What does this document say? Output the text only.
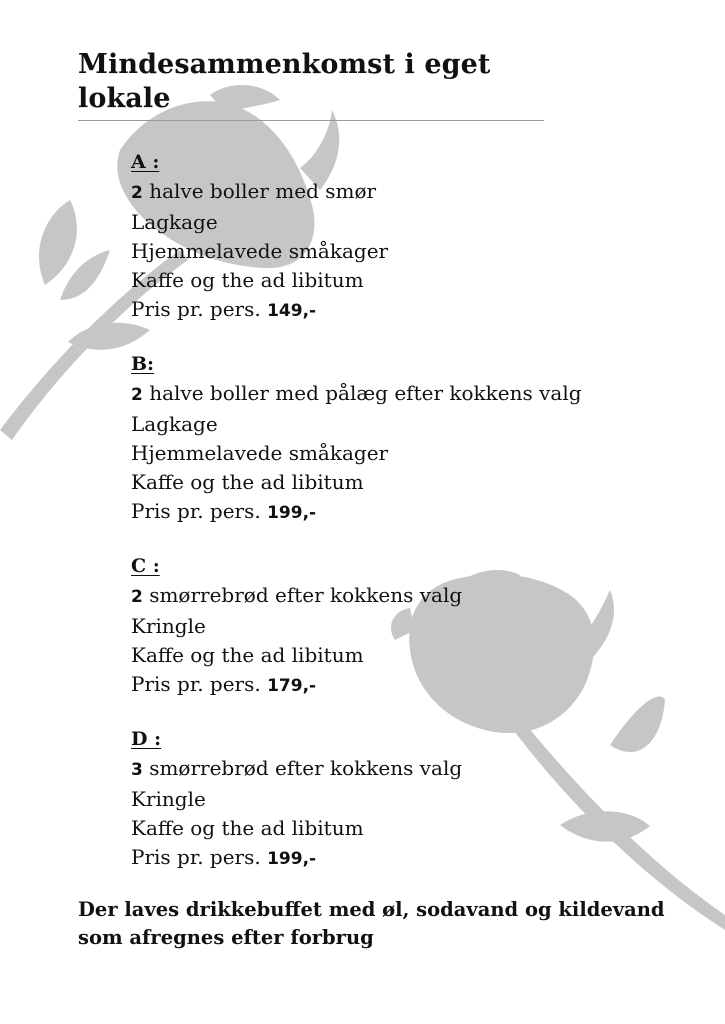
Mindesammenkomst i eget lokale
A :
2 halve boller med smør
Lagkage
Hjemmelavede småkager
Kaffe og the ad libitum
Pris pr. pers. 149,-
B:
2 halve boller med pålæg efter kokkens valg
Lagkage
Hjemmelavede småkager
Kaffe og the ad libitum
Pris pr. pers. 199,-
C :
2 smørrebrød efter kokkens valg
Kringle
Kaffe og the ad libitum
Pris pr. pers. 179,-
D :
3 smørrebrød efter kokkens valg
Kringle
Kaffe og the ad libitum
Pris pr. pers. 199,-
Der laves drikkebuffet med øl, sodavand og kildevand
som afregnes efter forbrug
